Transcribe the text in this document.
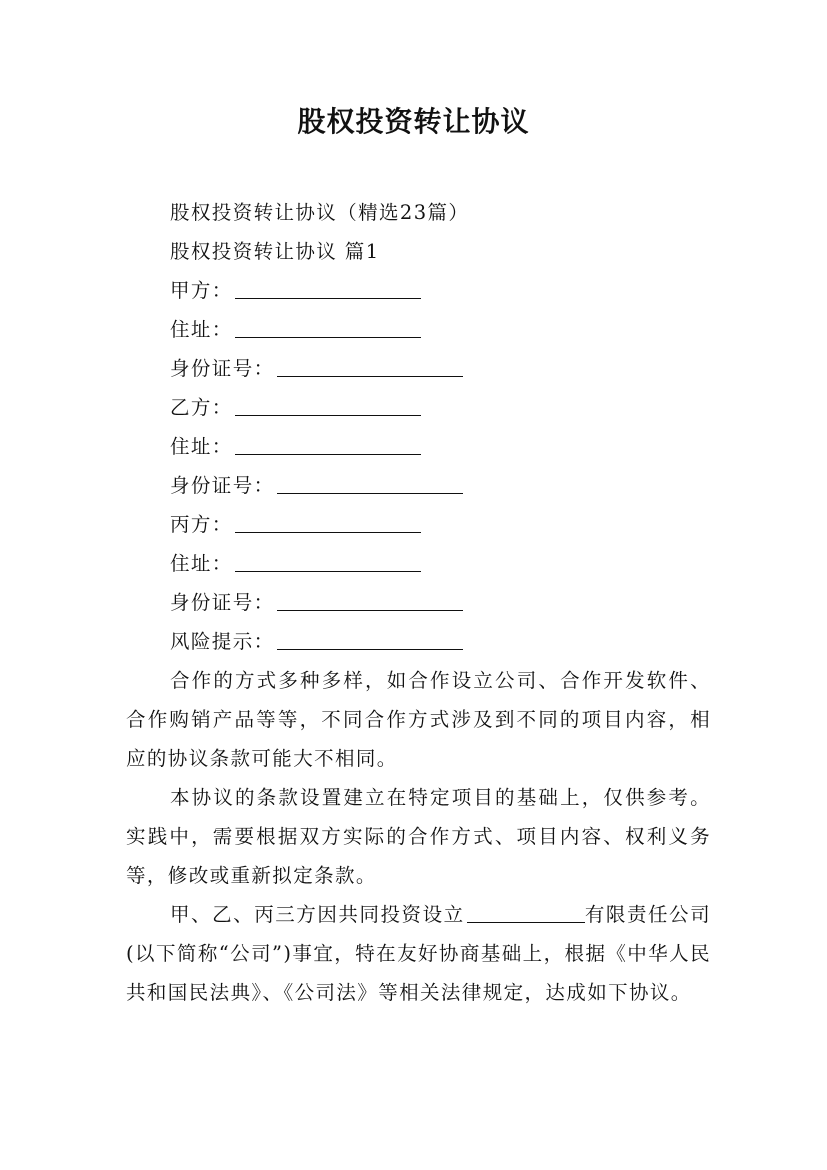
股权投资转让协议
股权投资转让协议（精选23篇）
股权投资转让协议 篇1
甲方：
住址：
身份证号：
乙方：
住址：
身份证号：
丙方：
住址：
身份证号：
风险提示：

合作的方式多种多样，如合作设立公司、合作开发软件、合作购销产品等等，不同合作方式涉及到不同的项目内容，相应的协议条款可能大不相同。

本协议的条款设置建立在特定项目的基础上，仅供参考。实践中，需要根据双方实际的合作方式、项目内容、权利义务等，修改或重新拟定条款。

甲、乙、丙三方因共同投资设立	有限责任公司(以下简称“公司”)事宜，特在友好协商基础上，根据《中华人民共和国民法典》、《公司法》等相关法律规定，达成如下协议。
